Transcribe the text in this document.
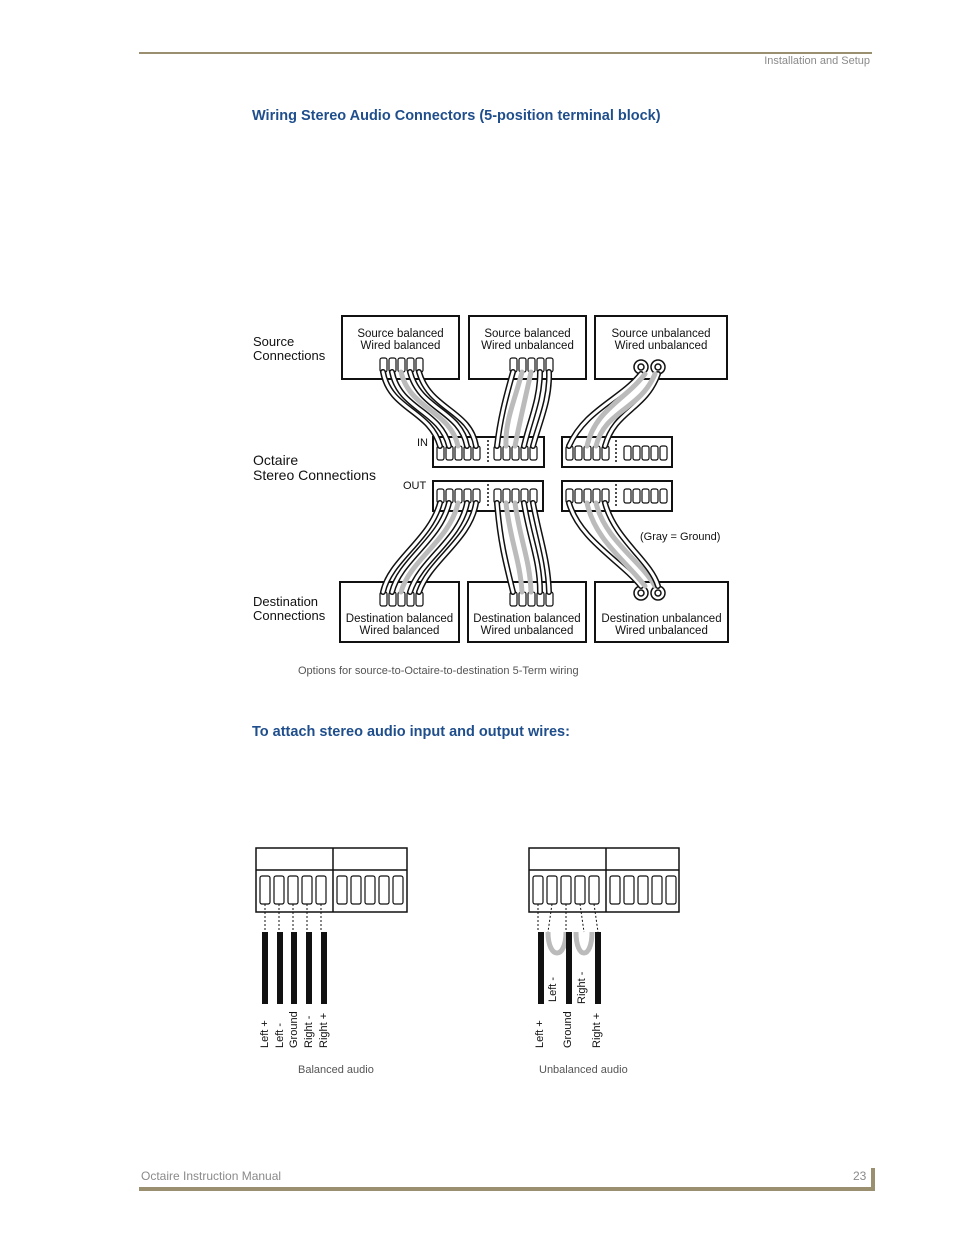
Installation and Setup
Wiring Stereo Audio Connectors (5-position terminal block)
Source
Connections
Octaire
Stereo Connections
Destination
Connections
IN
OUT
(Gray = Ground)
Source balanced
Wired balanced
Source balanced
Wired unbalanced
Source unbalanced
Wired unbalanced
Destination balanced
Wired balanced
Destination balanced
Wired unbalanced
Destination unbalanced
Wired unbalanced
Options for source-to-Octaire-to-destination 5-Term wiring
To attach stereo audio input and output wires:
Left + Left - Ground Right - Right +	Left +
Left -
Ground
Right -
Right +
Balanced audio	Unbalanced audio
Octaire Instruction Manual	23
